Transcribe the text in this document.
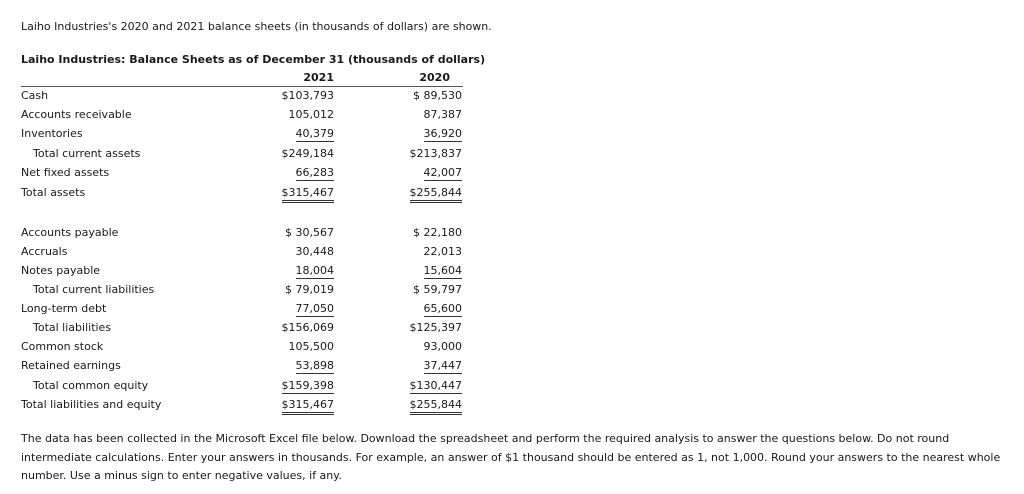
Laiho Industries's 2020 and 2021 balance sheets (in thousands of dollars) are shown.
Laiho Industries: Balance Sheets as of December 31 (thousands of dollars)
2021	2020
Cash	$103,793	$ 89,530
Accounts receivable	105,012	87,387
Inventories	40,379	36,920
Total current assets	$249,184	$213,837
Net fixed assets	66,283	42,007
Total assets	$315,467	$255,844
Accounts payable	$ 30,567	$ 22,180
Accruals	30,448	22,013
Notes payable	18,004	15,604
Total current liabilities	$ 79,019	$ 59,797
Long-term debt	77,050	65,600
Total liabilities	$156,069	$125,397
Common stock	105,500	93,000
Retained earnings	53,898	37,447
Total common equity	$159,398	$130,447
Total liabilities and equity	$315,467	$255,844
The data has been collected in the Microsoft Excel file below. Download the spreadsheet and perform the required analysis to answer the questions below. Do not round intermediate calculations. Enter your answers in thousands. For example, an answer of $1 thousand should be entered as 1, not 1,000. Round your answers to the nearest whole number. Use a minus sign to enter negative values, if any.
